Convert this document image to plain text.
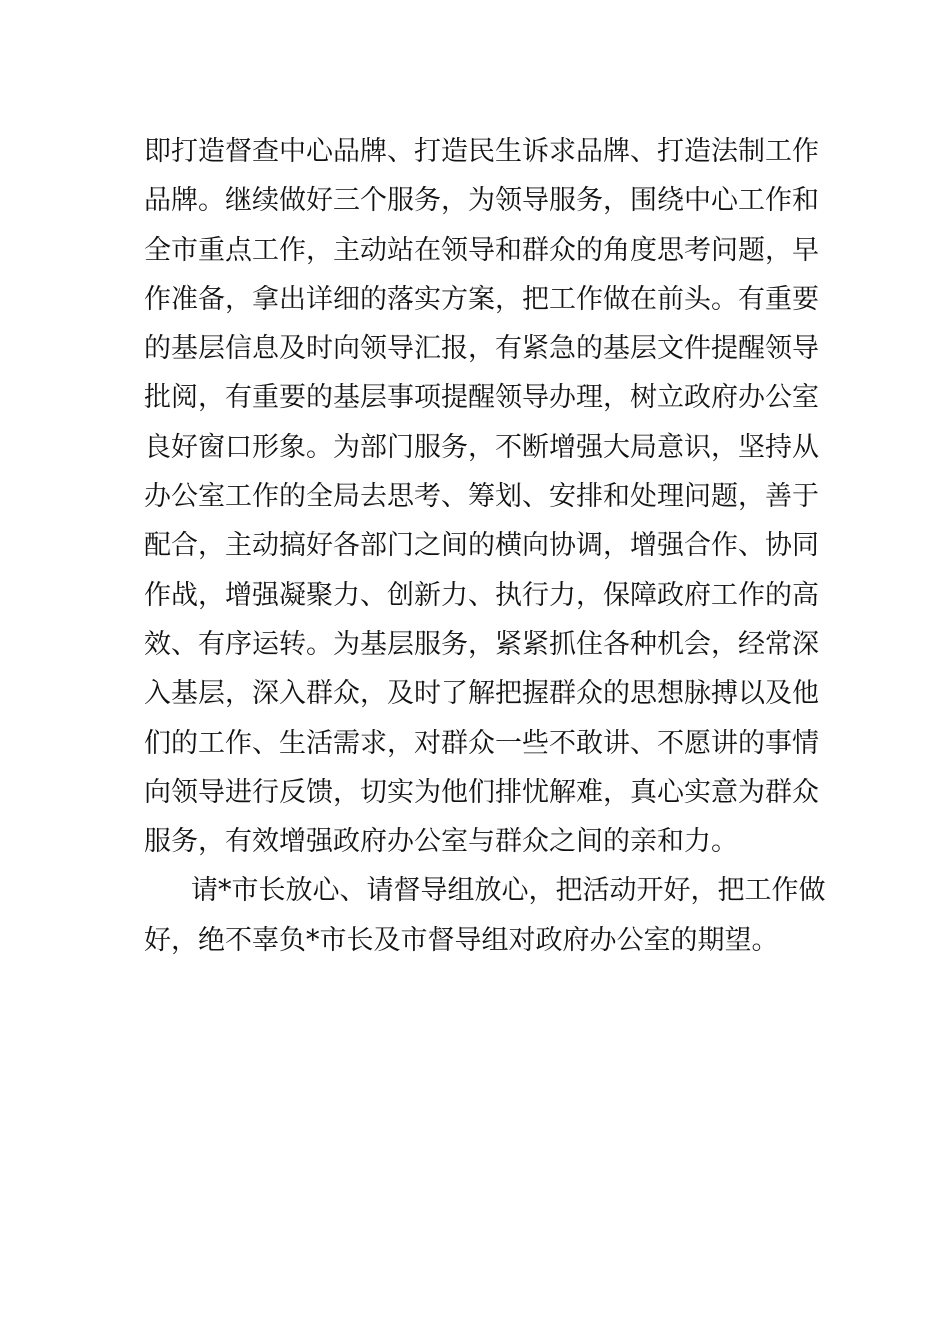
即打造督查中心品牌、打造民生诉求品牌、打造法制工作
品牌。继续做好三个服务，为领导服务，围绕中心工作和
全市重点工作，主动站在领导和群众的角度思考问题，早
作准备，拿出详细的落实方案，把工作做在前头。有重要
的基层信息及时向领导汇报，有紧急的基层文件提醒领导
批阅，有重要的基层事项提醒领导办理，树立政府办公室
良好窗口形象。为部门服务，不断增强大局意识，坚持从
办公室工作的全局去思考、筹划、安排和处理问题，善于
配合，主动搞好各部门之间的横向协调，增强合作、协同
作战，增强凝聚力、创新力、执行力，保障政府工作的高
效、有序运转。为基层服务，紧紧抓住各种机会，经常深
入基层，深入群众，及时了解把握群众的思想脉搏以及他
们的工作、生活需求，对群众一些不敢讲、不愿讲的事情
向领导进行反馈，切实为他们排忧解难，真心实意为群众
服务，有效增强政府办公室与群众之间的亲和力。
请*市长放心、请督导组放心，把活动开好，把工作做
好，绝不辜负*市长及市督导组对政府办公室的期望。
